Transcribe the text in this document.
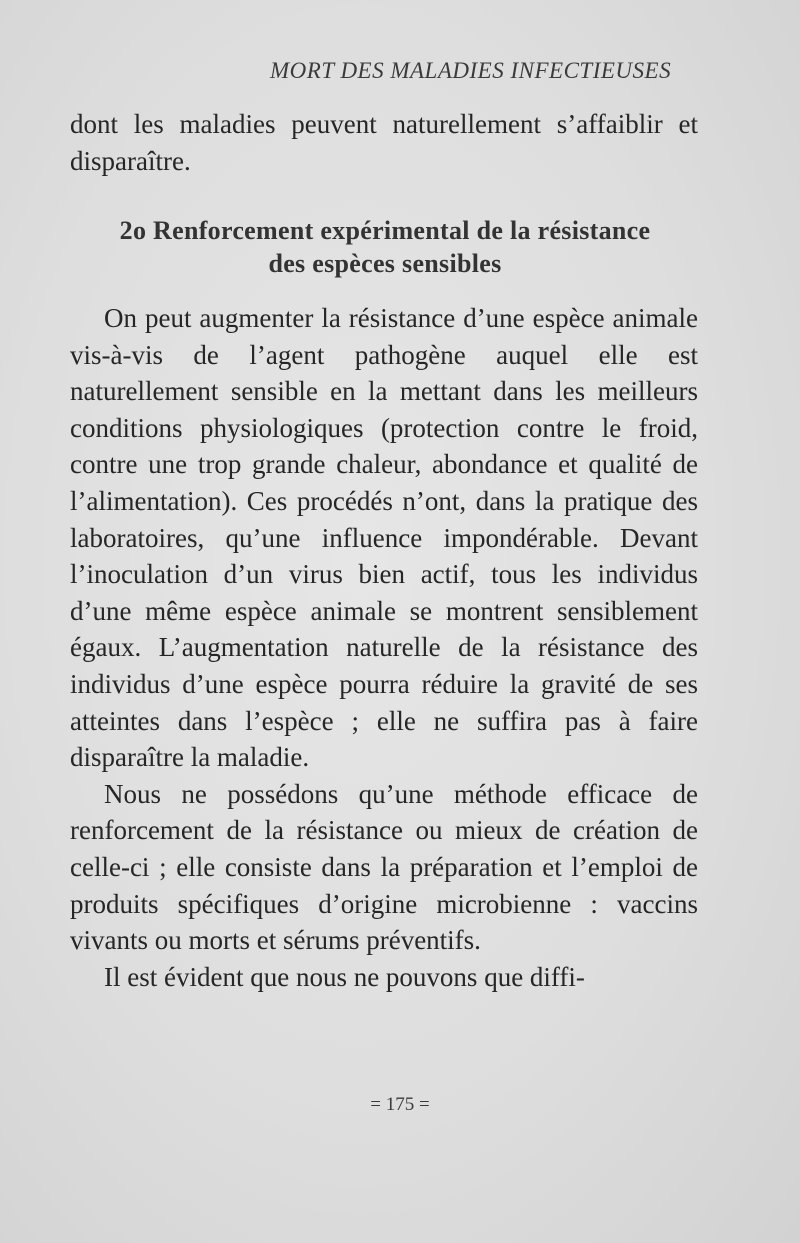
MORT DES MALADIES INFECTIEUSES
dont les maladies peuvent naturellement s’affaiblir et disparaître.
2o Renforcement expérimental de la résistance
des espèces sensibles

On peut augmenter la résistance d’une espèce animale vis-à-vis de l’agent pathogène auquel elle est naturellement sensible en la mettant dans les meilleurs conditions physiologiques (protection contre le froid, contre une trop grande chaleur, abondance et qualité de l’alimentation). Ces procédés n’ont, dans la pratique des laboratoires, qu’une influence impondérable. Devant l’inoculation d’un virus bien actif, tous les individus d’une même espèce animale se montrent sensiblement égaux. L’augmentation naturelle de la résistance des individus d’une espèce pourra réduire la gravité de ses atteintes dans l’espèce ; elle ne suffira pas à faire disparaître la maladie.

Nous ne possédons qu’une méthode efficace de renforcement de la résistance ou mieux de création de celle-ci ; elle consiste dans la préparation et l’emploi de produits spécifiques d’origine microbienne : vaccins vivants ou morts et sérums préventifs.

Il est évident que nous ne pouvons que diffi-

= 175 =
